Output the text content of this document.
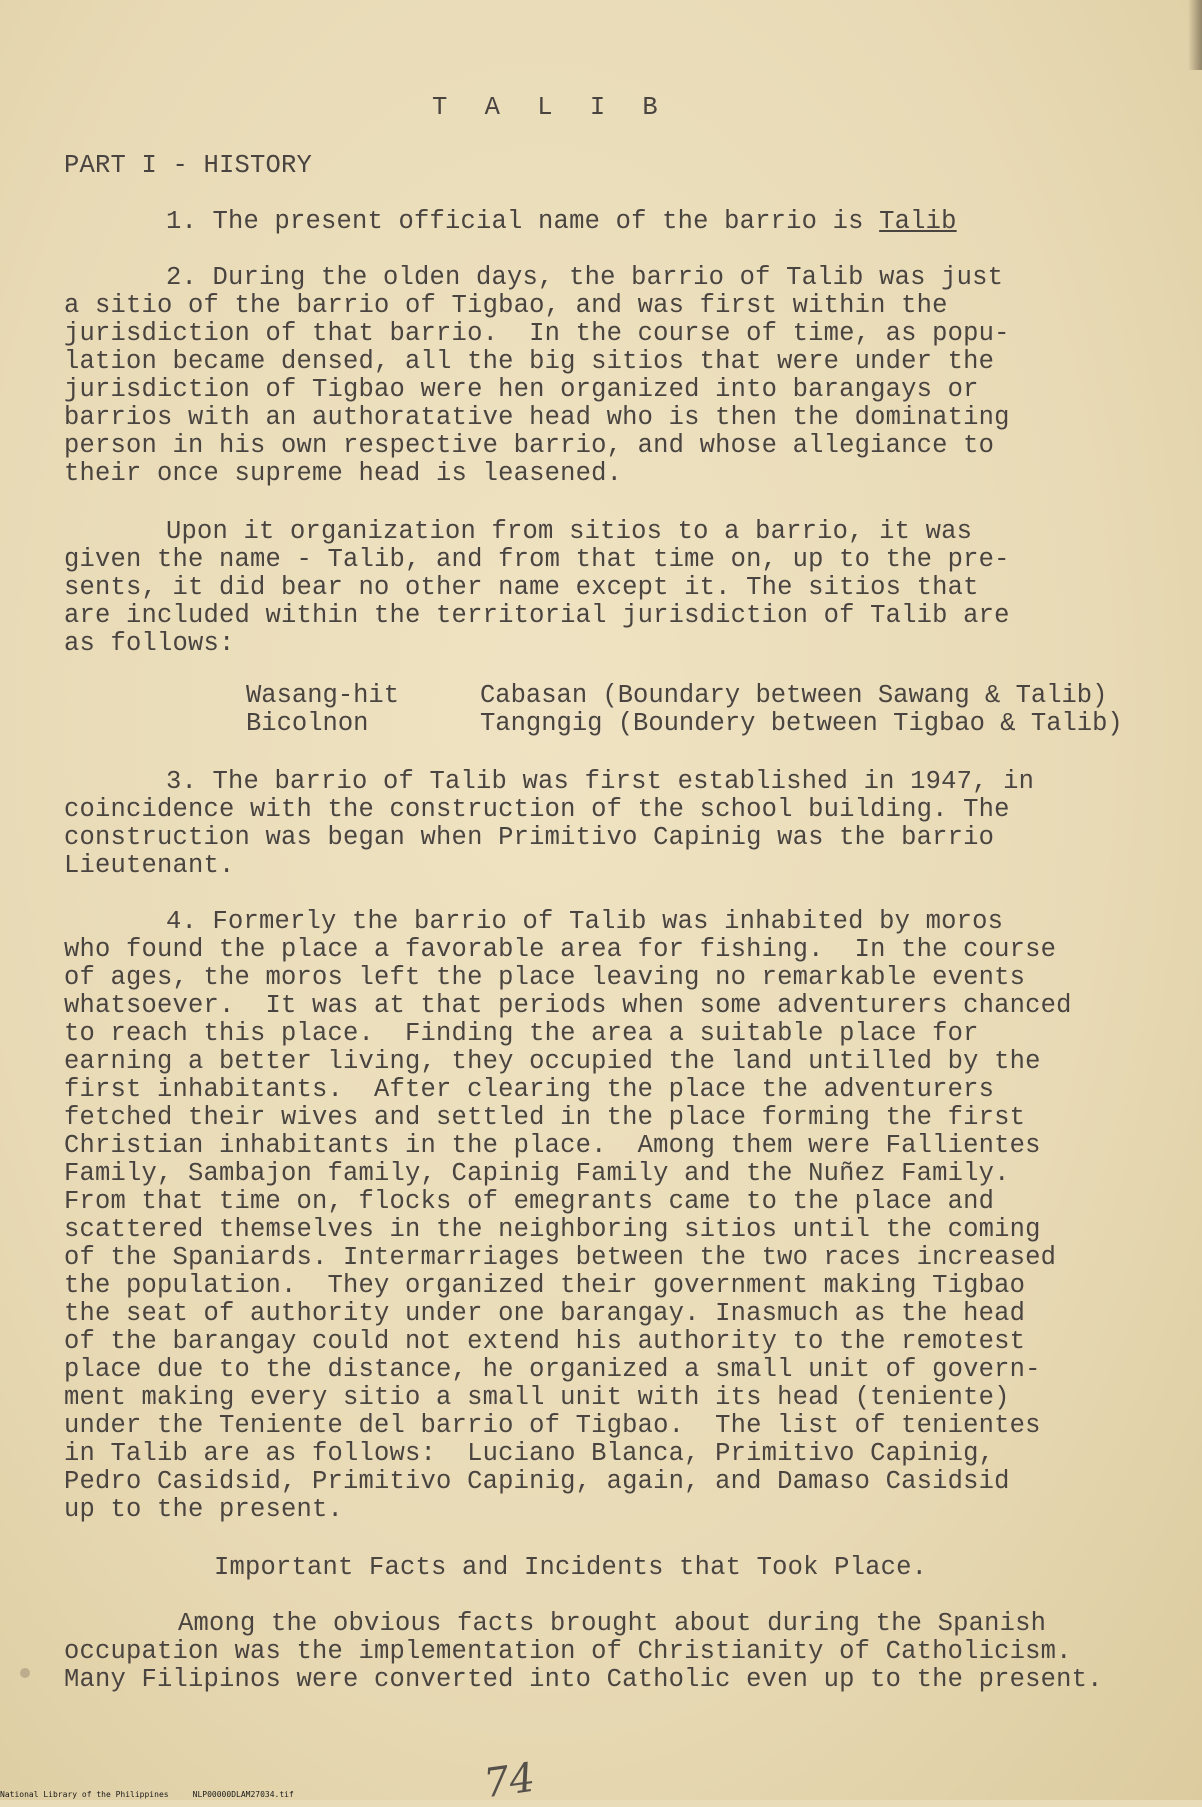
T A L I B
PART I - HISTORY
1. The present official name of the barrio is Talib
2. During the olden days, the barrio of Talib was just
a sitio of the barrio of Tigbao, and was first within the
jurisdiction of that barrio.  In the course of time, as popu-
lation became densed, all the big sitios that were under the
jurisdiction of Tigbao were hen organized into barangays or
barrios with an authoratative head who is then the dominating
person in his own respective barrio, and whose allegiance to
their once supreme head is leasened.
Upon it organization from sitios to a barrio, it was
given the name - Talib, and from that time on, up to the pre-
sents, it did bear no other name except it. The sitios that
are included within the territorial jurisdiction of Talib are
as follows:
Wasang-hit	Cabasan (Boundary between Sawang & Talib)
Bicolnon	Tangngig (Boundery between Tigbao & Talib)
3. The barrio of Talib was first established in 1947, in
coincidence with the construction of the school building. The
construction was began when Primitivo Capinig was the barrio
Lieutenant.
4. Formerly the barrio of Talib was inhabited by moros
who found the place a favorable area for fishing.  In the course
of ages, the moros left the place leaving no remarkable events
whatsoever.  It was at that periods when some adventurers chanced
to reach this place.  Finding the area a suitable place for
earning a better living, they occupied the land untilled by the
first inhabitants.  After clearing the place the adventurers
fetched their wives and settled in the place forming the first
Christian inhabitants in the place.  Among them were Fallientes
Family, Sambajon family, Capinig Family and the Nuñez Family.
From that time on, flocks of emegrants came to the place and
scattered themselves in the neighboring sitios until the coming
of the Spaniards. Intermarriages between the two races increased
the population.  They organized their government making Tigbao
the seat of authority under one barangay. Inasmuch as the head
of the barangay could not extend his authority to the remotest
place due to the distance, he organized a small unit of govern-
ment making every sitio a small unit with its head (teniente)
under the Teniente del barrio of Tigbao.  The list of tenientes
in Talib are as follows:  Luciano Blanca, Primitivo Capinig,
Pedro Casidsid, Primitivo Capinig, again, and Damaso Casidsid
up to the present.
Important Facts and Incidents that Took Place.
Among the obvious facts brought about during the Spanish
occupation was the implementation of Christianity of Catholicism.
Many Filipinos were converted into Catholic even up to the present.
74
National Library of the Philippines     NLP00000DLAM27034.tif
